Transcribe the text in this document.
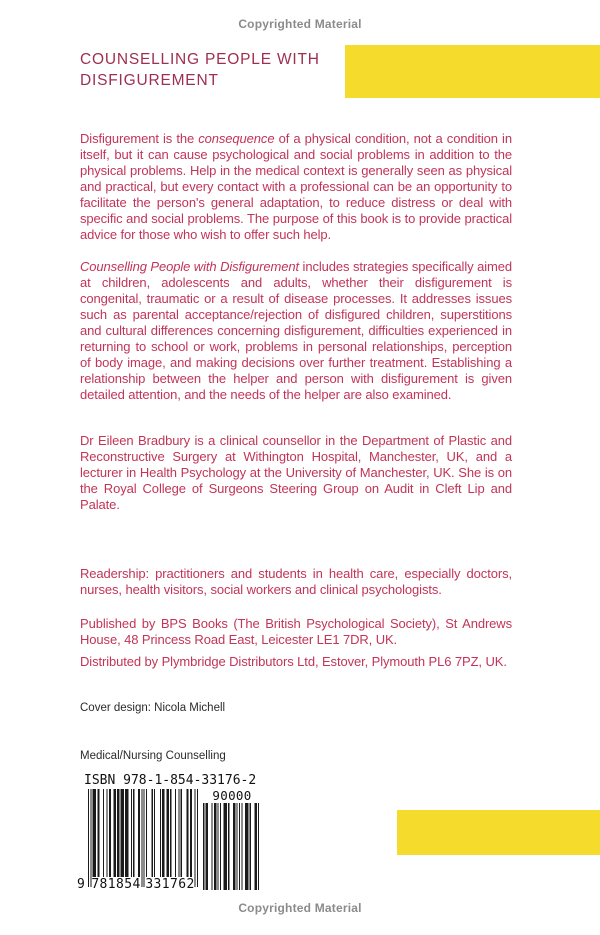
Copyrighted Material
COUNSELLING PEOPLE WITH
DISFIGUREMENT

Disfigurement is the consequence of a physical condition, not a condition in itself, but it can cause psychological and social problems in addition to the physical problems. Help in the medical context is generally seen as physical and practical, but every contact with a professional can be an opportunity to facilitate the person's general adaptation, to reduce distress or deal with specific and social problems. The purpose of this book is to provide practical advice for those who wish to offer such help.

Counselling People with Disfigurement includes strategies specifically aimed at children, adolescents and adults, whether their disfigurement is congenital, traumatic or a result of disease processes. It addresses issues such as parental acceptance/rejection of disfigured children, superstitions and cultural differences concerning disfigurement, difficulties experienced in returning to school or work, problems in personal relationships, perception of body image, and making decisions over further treatment. Establishing a relationship between the helper and person with disfigurement is given detailed attention, and the needs of the helper are also examined.

Dr Eileen Bradbury is a clinical counsellor in the Department of Plastic and Reconstructive Surgery at Withington Hospital, Manchester, UK, and a lecturer in Health Psychology at the University of Manchester, UK. She is on the Royal College of Surgeons Steering Group on Audit in Cleft Lip and Palate.

Readership: practitioners and students in health care, especially doctors, nurses, health visitors, social workers and clinical psychologists.

Published by BPS Books (The British Psychological Society), St Andrews House, 48 Princess Road East, Leicester LE1 7DR, UK.

Distributed by Plymbridge Distributors Ltd, Estover, Plymouth PL6 7PZ, UK.

Cover design: Nicola Michell
Medical/Nursing Counselling
ISBN 978-1-854-33176-2
9 781854 331762
90000
Copyrighted Material
